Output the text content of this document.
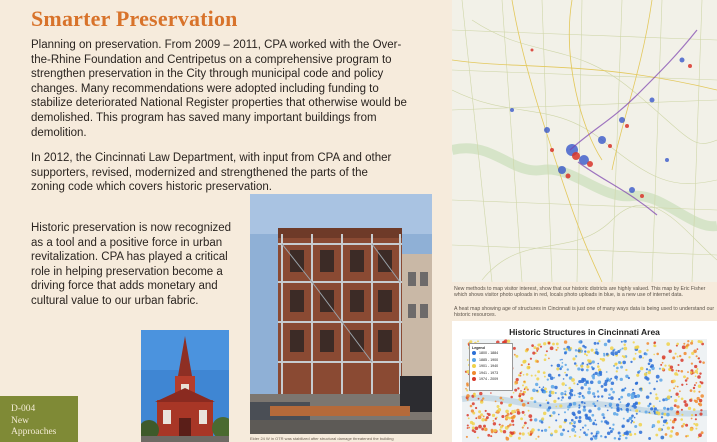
Smarter Preservation

Planning on preservation. From 2009 – 2011, CPA worked with the Over-the-Rhine Foundation and Centripetus on a comprehensive program to strengthen preservation in the City through municipal code and policy changes. Many recommendations were adopted including funding to stabilize deteriorated National Register properties that otherwise would be demolished. This program has saved many important buildings from demolition.

In 2012, the Cincinnati Law Department, with input from CPA and other supporters, revised, modernized and strengthened the parts of the zoning code which covers historic preservation.

Historic preservation is now recognized as a tool and a positive force in urban revitalization. CPA has played a critical role in helping preservation become a driving force that adds monetary and cultural value to our urban fabric.

Elder 24 W in OTR was stabilized after structural damage threatened the building
D-004
New
Approaches
New methods to map visitor interest, show that our historic districts are highly valued. This map by Eric Fisher which shows visitor photo uploads in red, locals photo uploads in blue, is a new use of internet data.
A heat map showing age of structures in Cincinnati is just one of many ways data is being used to understand our historic resources.
Historic Structures in Cincinnati Area
Legend
1800 - 1884
1885 - 1900
1901 - 1940
1941 - 1973
1974 - 2009
